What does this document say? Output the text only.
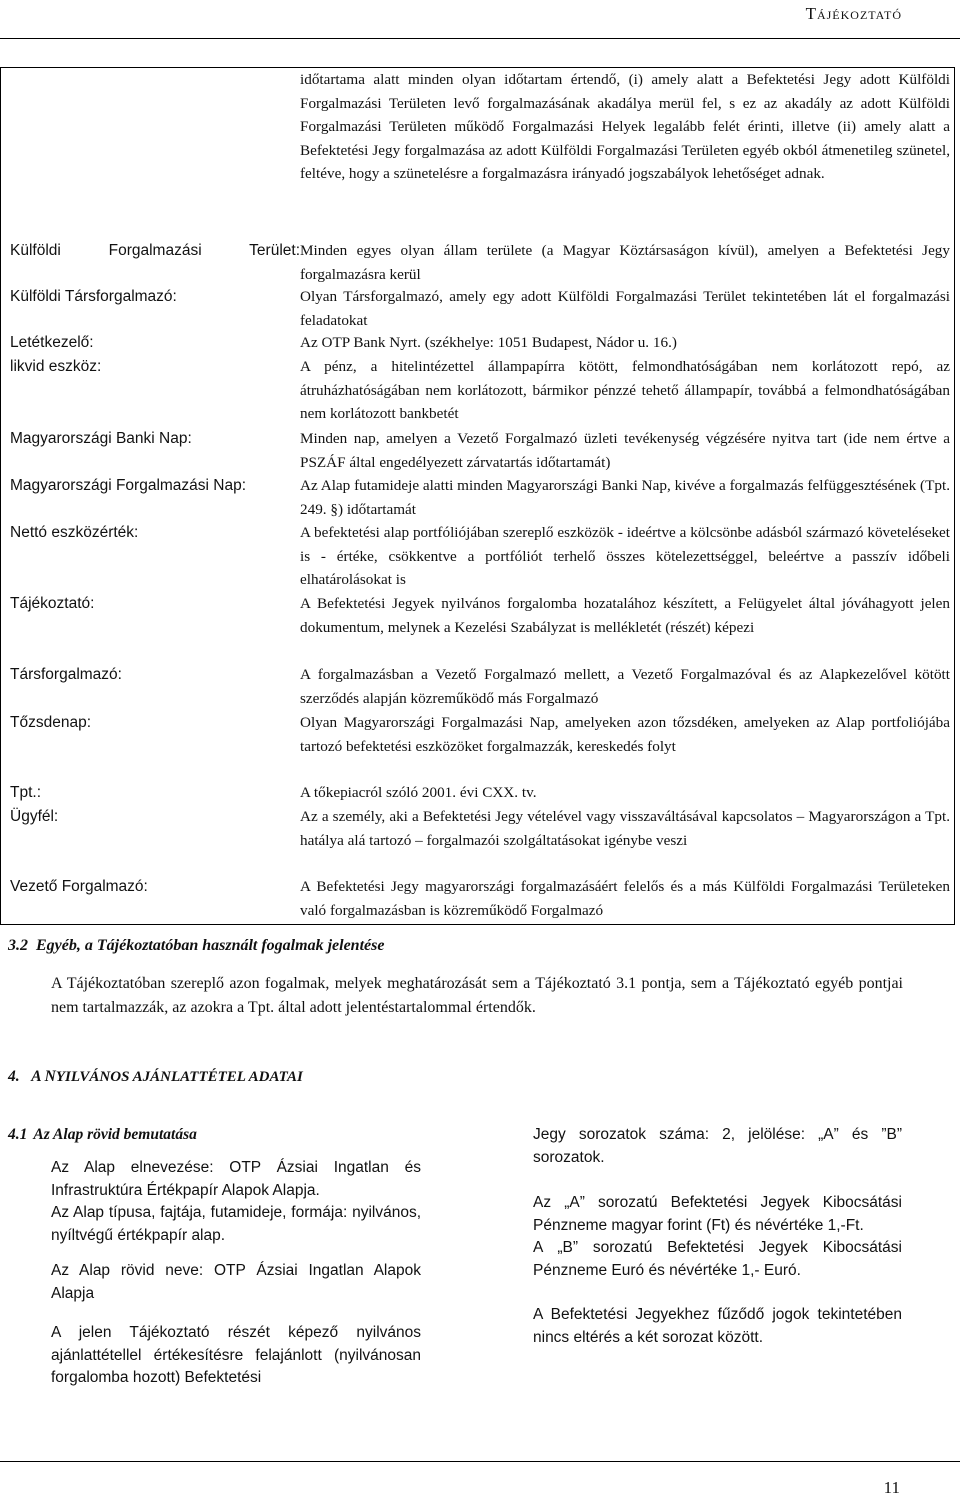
Tájékoztató
időtartama alatt minden olyan időtartam értendő, (i) amely alatt a Befektetési Jegy adott Külföldi Forgalmazási Területen levő forgalmazásának akadálya merül fel, s ez az akadály az adott Külföldi Forgalmazási Területen működő Forgalmazási Helyek legalább felét érinti, illetve (ii) amely alatt a Befektetési Jegy forgalmazása az adott Külföldi Forgalmazási Területen egyéb okból átmenetileg szünetel, feltéve, hogy a szünetelésre a forgalmazásra irányadó jogszabályok lehetőséget adnak.
Külföldi Forgalmazási Terület: Minden egyes olyan állam területe (a Magyar Köztársaságon kívül), amelyen a Befektetési Jegy forgalmazásra kerül
Külföldi Társforgalmazó:	Olyan Társforgalmazó, amely egy adott Külföldi Forgalmazási Terület tekintetében lát el forgalmazási feladatokat
Letétkezelő:	Az OTP Bank Nyrt. (székhelye: 1051 Budapest, Nádor u. 16.)
likvid eszköz:	A pénz, a hitelintézettel állampapírra kötött, felmondhatóságában nem korlátozott repó, az átruházhatóságában nem korlátozott, bármikor pénzzé tehető állampapír, továbbá a felmondhatóságában nem korlátozott bankbetét
Magyarországi Banki Nap:	Minden nap, amelyen a Vezető Forgalmazó üzleti tevékenység végzésére nyitva tart (ide nem értve a PSZÁF által engedélyezett zárvatartás időtartamát)
Magyarországi Forgalmazási Nap:	Az Alap futamideje alatti minden Magyarországi Banki Nap, kivéve a forgalmazás felfüggesztésének (Tpt. 249. §) időtartamát
Nettó eszközérték:	A befektetési alap portfóliójában szereplő eszközök - ideértve a kölcsönbe adásból származó követeléseket is - értéke, csökkentve a portfóliót terhelő összes kötelezettséggel, beleértve a passzív időbeli elhatárolásokat is
Tájékoztató:	A Befektetési Jegyek nyilvános forgalomba hozatalához készített, a Felügyelet által jóváhagyott jelen dokumentum, melynek a Kezelési Szabályzat is mellékletét (részét) képezi
Társforgalmazó:	A forgalmazásban a Vezető Forgalmazó mellett, a Vezető Forgalmazóval és az Alapkezelővel kötött szerződés alapján közreműködő más Forgalmazó
Tőzsdenap:	Olyan Magyarországi Forgalmazási Nap, amelyeken azon tőzsdéken, amelyeken az Alap portfoliójába tartozó befektetési eszközöket forgalmazzák, kereskedés folyt
Tpt.:	A tőkepiacról szóló 2001. évi CXX. tv.
Ügyfél:	Az a személy, aki a Befektetési Jegy vételével vagy visszaváltásával kapcsolatos – Magyarországon a Tpt. hatálya alá tartozó – forgalmazói szolgáltatásokat igénybe veszi
Vezető Forgalmazó:	A Befektetési Jegy magyarországi forgalmazásáért felelős és a más Külföldi Forgalmazási Területeken való forgalmazásban is közreműködő Forgalmazó
3.2  Egyéb, a Tájékoztatóban használt fogalmak jelentése
A Tájékoztatóban szereplő azon fogalmak, melyek meghatározását sem a Tájékoztató 3.1 pontja, sem a Tájékoztató egyéb pontjai nem tartalmazzák, az azokra a Tpt. által adott jelentéstartalommal értendők.
4. A NYILVÁNOS AJÁNLATTÉTEL ADATAI
4.1 Az Alap rövid bemutatása

Az Alap elnevezése: OTP Ázsiai Ingatlan és Infrastruktúra Értékpapír Alapok Alapja.

Az Alap típusa, fajtája, futamideje, formája: nyilvános, nyíltvégű értékpapír alap.

Az Alap rövid neve: OTP Ázsiai Ingatlan Alapok Alapja

A jelen Tájékoztató részét képező nyilvános ajánlattétellel értékesítésre felajánlott (nyilvánosan forgalomba hozott) Befektetési

Jegy sorozatok száma: 2, jelölése: „A” és ”B” sorozatok.

Az „A” sorozatú Befektetési Jegyek Kibocsátási Pénzneme magyar forint (Ft) és névértéke 1,-Ft.

A „B” sorozatú Befektetési Jegyek Kibocsátási Pénzneme Euró és névértéke 1,- Euró.

A Befektetési Jegyekhez fűződő jogok tekintetében nincs eltérés a két sorozat között.

11
